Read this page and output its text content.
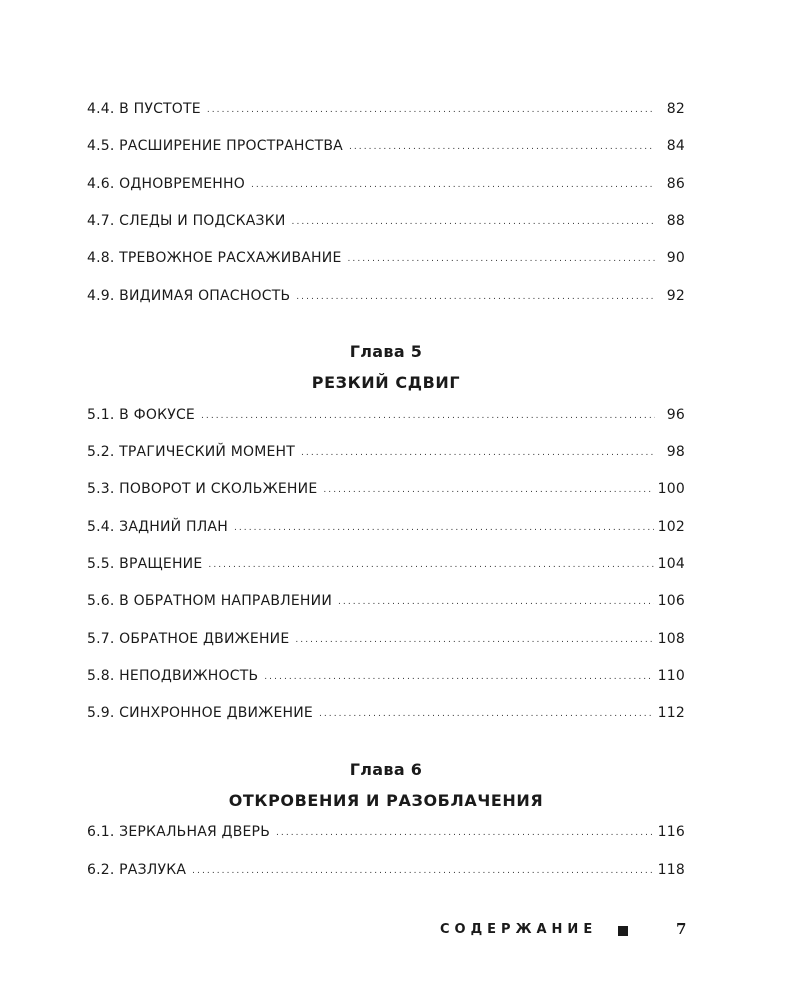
4.4. В ПУСТОТЕ . . .	82
4.5. РАСШИРЕНИЕ ПРОСТРАНСТВА . . .	84
4.6. ОДНОВРЕМЕННО . . .	86
4.7. СЛЕДЫ И ПОДСКАЗКИ . . .	88
4.8. ТРЕВОЖНОЕ РАСХАЖИВАНИЕ . . .	90
4.9. ВИДИМАЯ ОПАСНОСТЬ . . .	92
Глава 5
РЕЗКИЙ СДВИГ
5.1. В ФОКУСЕ . . .	96
5.2. ТРАГИЧЕСКИЙ МОМЕНТ . . .	98
5.3. ПОВОРОТ И СКОЛЬЖЕНИЕ . . .	100
5.4. ЗАДНИЙ ПЛАН . . .	102
5.5. ВРАЩЕНИЕ . . .	104
5.6. В ОБРАТНОМ НАПРАВЛЕНИИ . . .	106
5.7. ОБРАТНОЕ ДВИЖЕНИЕ . . .	108
5.8. НЕПОДВИЖНОСТЬ . . .	110
5.9. СИНХРОННОЕ ДВИЖЕНИЕ . . .	112
Глава 6
ОТКРОВЕНИЯ И РАЗОБЛАЧЕНИЯ
6.1. ЗЕРКАЛЬНАЯ ДВЕРЬ . . .	116
6.2. РАЗЛУКА . . .	118
СОДЕРЖАНИЕ	7
